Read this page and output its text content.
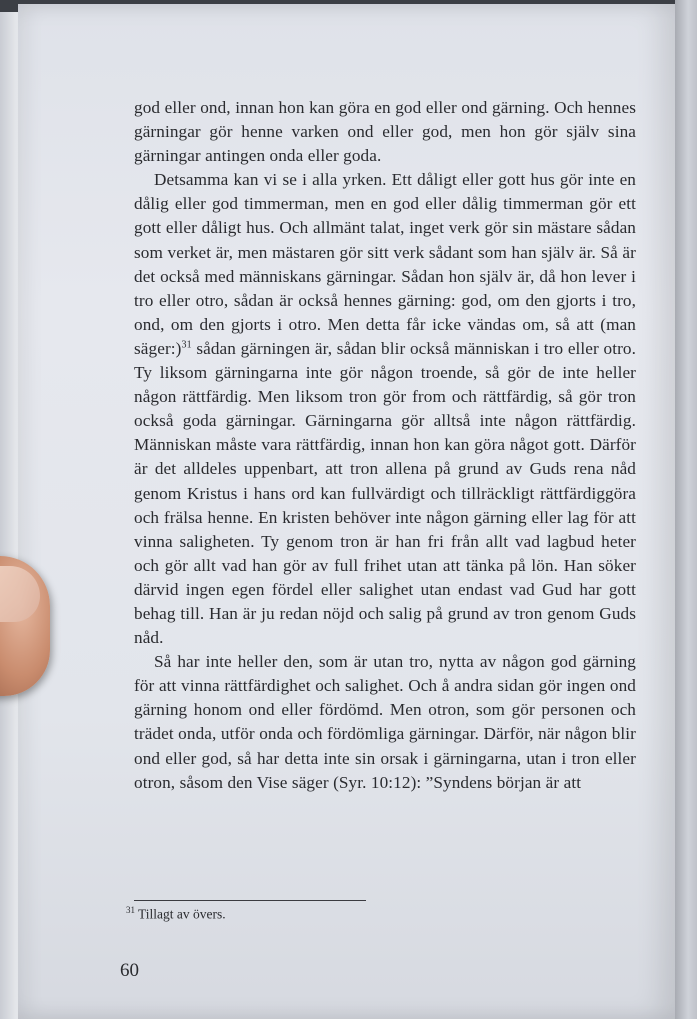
god eller ond, innan hon kan göra en god eller ond gärning. Och hennes gärningar gör henne varken ond eller god, men hon gör själv sina gärningar antingen onda eller goda.

Detsamma kan vi se i alla yrken. Ett dåligt eller gott hus gör inte en dålig eller god timmerman, men en god eller dålig timmerman gör ett gott eller dåligt hus. Och allmänt talat, inget verk gör sin mästare sådan som verket är, men mästaren gör sitt verk sådant som han själv är. Så är det också med människans gärningar. Sådan hon själv är, då hon lever i tro eller otro, sådan är också hennes gärning: god, om den gjorts i tro, ond, om den gjorts i otro. Men detta får icke vändas om, så att (man säger:)$^{31}$ sådan gärningen är, sådan blir också människan i tro eller otro. Ty liksom gärningarna inte gör någon troende, så gör de inte heller någon rättfärdig. Men liksom tron gör from och rättfärdig, så gör tron också goda gärningar. Gärningarna gör alltså inte någon rättfärdig. Människan måste vara rättfärdig, innan hon kan göra något gott. Därför är det alldeles uppenbart, att tron allena på grund av Guds rena nåd genom Kristus i hans ord kan fullvärdigt och tillräckligt rättfärdiggöra och frälsa henne. En kristen behöver inte någon gärning eller lag för att vinna saligheten. Ty genom tron är han fri från allt vad lagbud heter och gör allt vad han gör av full frihet utan att tänka på lön. Han söker därvid ingen egen fördel eller salighet utan endast vad Gud har gott behag till. Han är ju redan nöjd och salig på grund av tron genom Guds nåd.

Så har inte heller den, som är utan tro, nytta av någon god gärning för att vinna rättfärdighet och salighet. Och å andra sidan gör ingen ond gärning honom ond eller fördömd. Men otron, som gör personen och trädet onda, utför onda och fördömliga gärningar. Därför, när någon blir ond eller god, så har detta inte sin orsak i gärningarna, utan i tron eller otron, såsom den Vise säger (Syr. 10:12): ”Syndens början är att

$^{31}$ Tillagt av övers.
60
